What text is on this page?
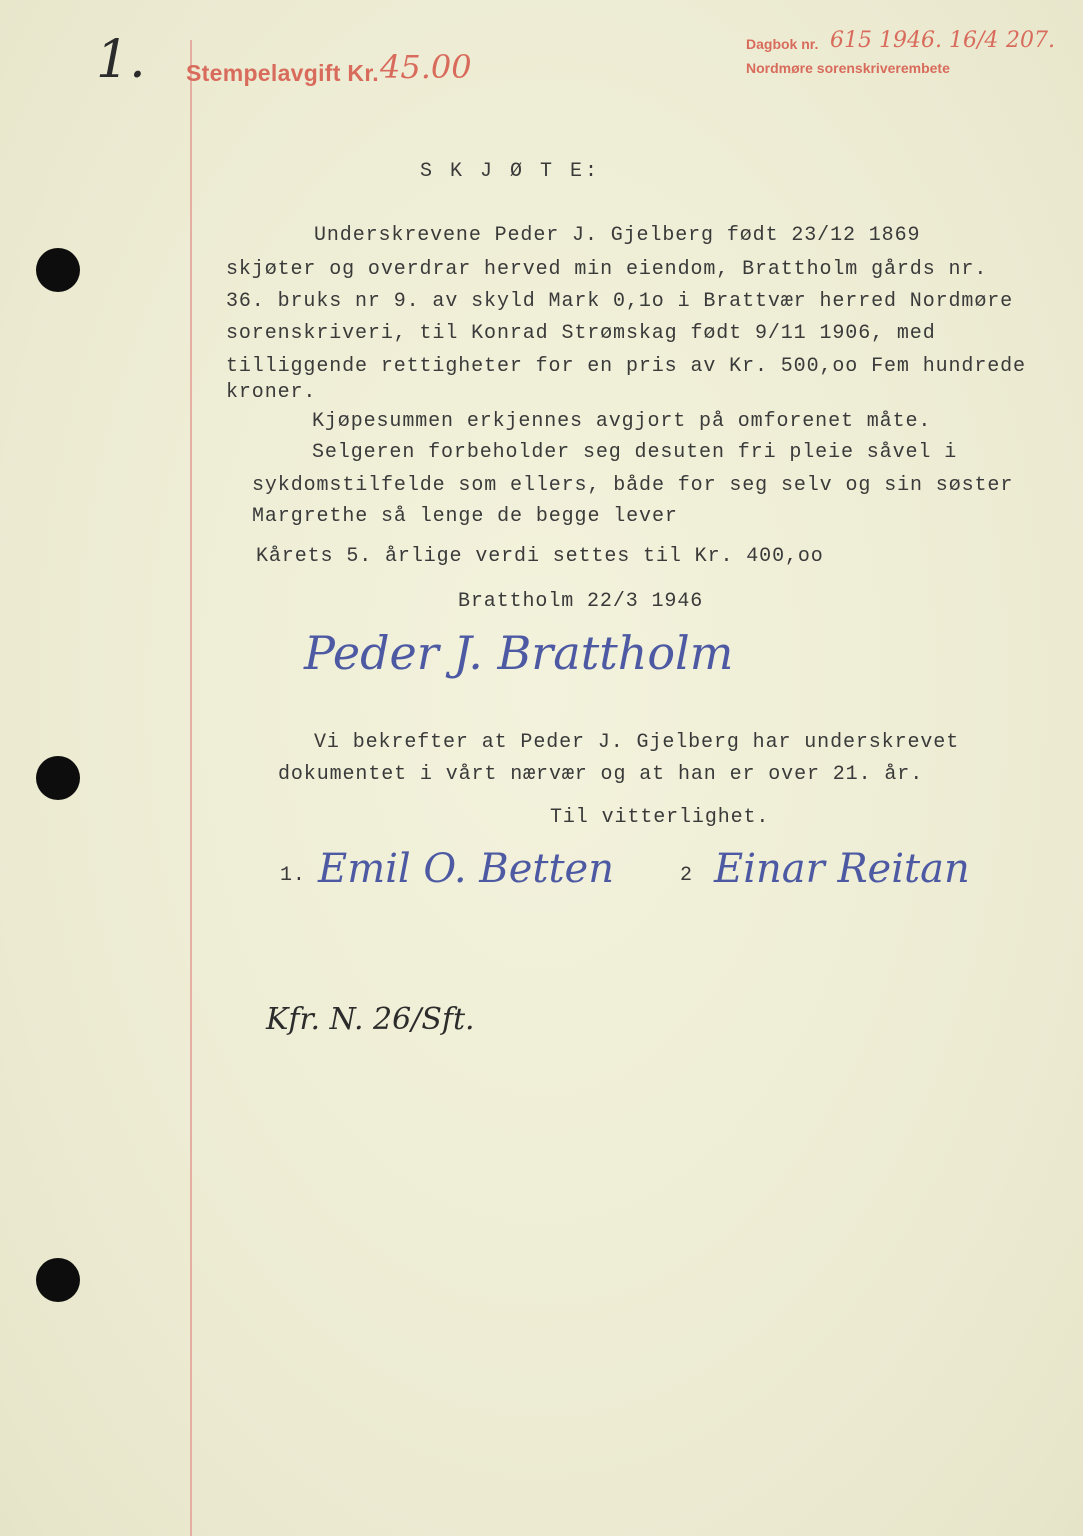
1. Stempelavgift Kr. 45.00
Dagbok nr. 615 1946. 16/4 207.
Nordmøre sorenskriverembete
S K J Ø T E:
Underskrevene Peder J. Gjelberg født 23/12 1869
skjøter og overdrar herved min eiendom, Brattholm gårds nr.
36. bruks nr 9. av skyld Mark 0,1o i Brattvær herred Nordmøre
sorenskriveri, til Konrad Strømskag født 9/11 1906, med
tilliggende rettigheter for en pris av Kr. 500,oo Fem hundrede
kroner.
Kjøpesummen erkjennes avgjort på omforenet måte.
Selgeren forbeholder seg desuten fri pleie såvel i
sykdomstilfelde som ellers, både for seg selv og sin søster
Margrethe så lenge de begge lever
Kårets 5. årlige verdi settes til Kr. 400,oo
Brattholm 22/3 1946
Peder J. Brattholm
Vi bekrefter at Peder J. Gjelberg har underskrevet
dokumentet i vårt nærvær og at han er over 21. år.
Til vitterlighet.
1. Emil O. Betten	2 Einar Reitan
Kfr. N. 26/Sft.
